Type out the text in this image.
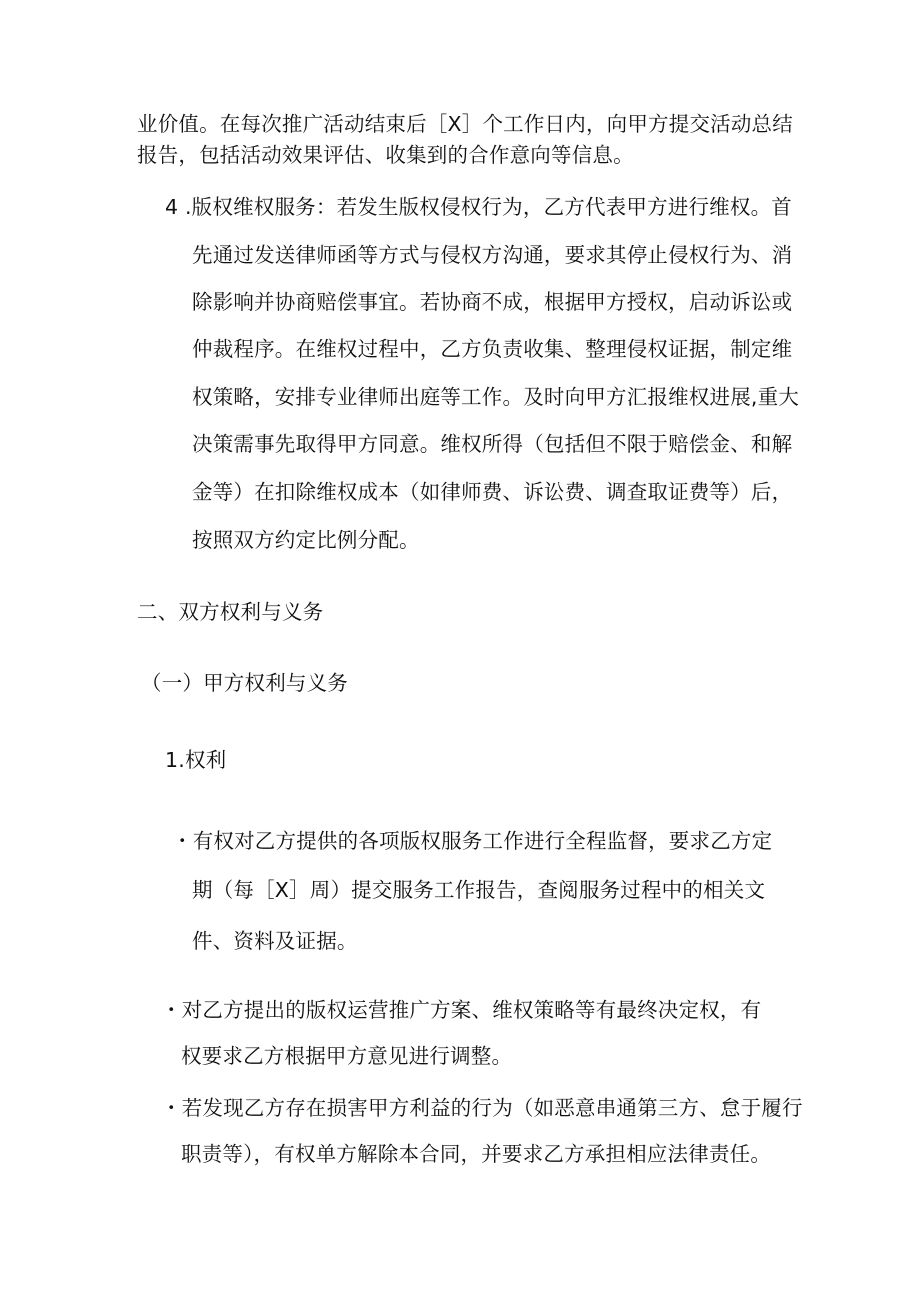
业价值。在每次推广活动结束后［X］个工作日内，向甲方提交活动总结
报告，包括活动效果评估、收集到的合作意向等信息。
4 .版权维权服务：若发生版权侵权行为，乙方代表甲方进行维权。首
先通过发送律师函等方式与侵权方沟通，要求其停止侵权行为、消
除影响并协商赔偿事宜。若协商不成，根据甲方授权，启动诉讼或
仲裁程序。在维权过程中，乙方负责收集、整理侵权证据，制定维
权策略，安排专业律师出庭等工作。及时向甲方汇报维权进展,重大
决策需事先取得甲方同意。维权所得（包括但不限于赔偿金、和解
金等）在扣除维权成本（如律师费、诉讼费、调查取证费等）后，
按照双方约定比例分配。
二、双方权利与义务
（一）甲方权利与义务
1.权利
・有权对乙方提供的各项版权服务工作进行全程监督，要求乙方定
期（每［X］周）提交服务工作报告，查阅服务过程中的相关文
件、资料及证据。
・对乙方提出的版权运营推广方案、维权策略等有最终决定权，有
权要求乙方根据甲方意见进行调整。
・若发现乙方存在损害甲方利益的行为（如恶意串通第三方、怠于履行
职责等），有权单方解除本合同，并要求乙方承担相应法律责任。
